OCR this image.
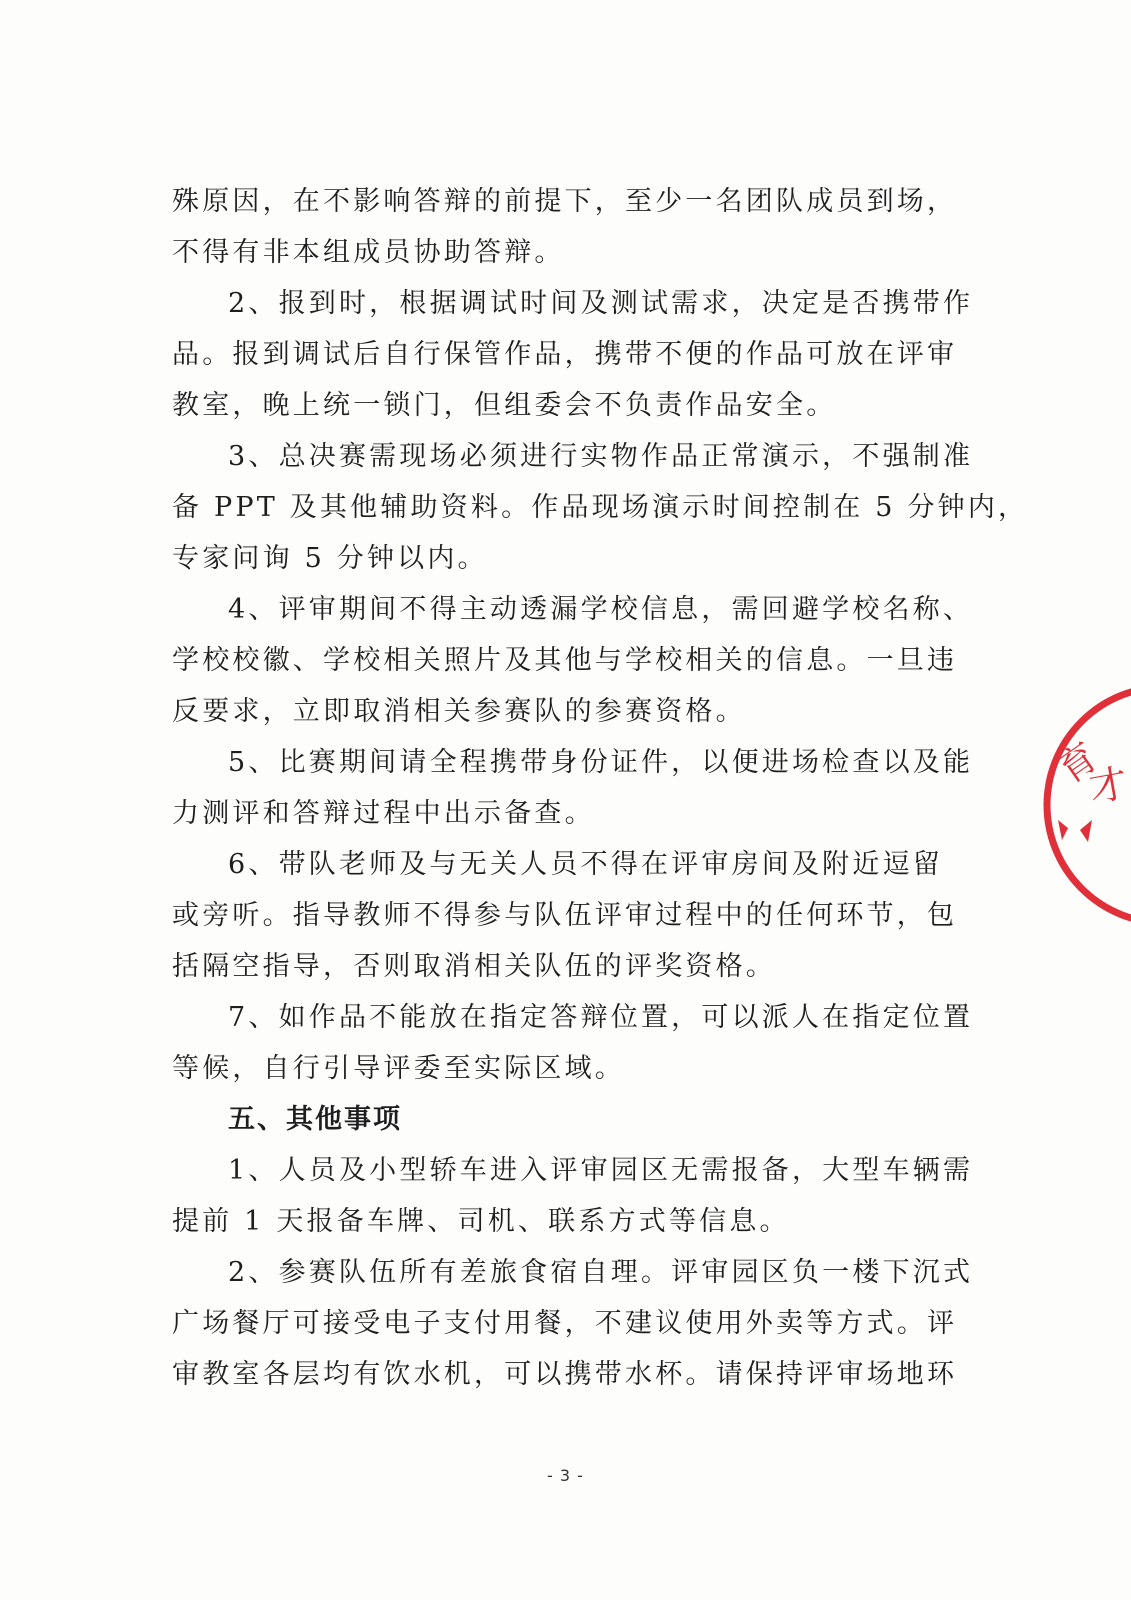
殊原因，在不影响答辩的前提下，至少一名团队成员到场，
不得有非本组成员协助答辩。
2、报到时，根据调试时间及测试需求，决定是否携带作
品。报到调试后自行保管作品，携带不便的作品可放在评审
教室，晚上统一锁门，但组委会不负责作品安全。
3、总决赛需现场必须进行实物作品正常演示，不强制准
备 PPT 及其他辅助资料。作品现场演示时间控制在 5 分钟内，
专家问询 5 分钟以内。
4、评审期间不得主动透漏学校信息，需回避学校名称、
学校校徽、学校相关照片及其他与学校相关的信息。一旦违
反要求，立即取消相关参赛队的参赛资格。
5、比赛期间请全程携带身份证件，以便进场检查以及能
力测评和答辩过程中出示备查。
6、带队老师及与无关人员不得在评审房间及附近逗留
或旁听。指导教师不得参与队伍评审过程中的任何环节，包
括隔空指导，否则取消相关队伍的评奖资格。
7、如作品不能放在指定答辩位置，可以派人在指定位置
等候，自行引导评委至实际区域。
五、其他事项
1、人员及小型轿车进入评审园区无需报备，大型车辆需
提前 1 天报备车牌、司机、联系方式等信息。
2、参赛队伍所有差旅食宿自理。评审园区负一楼下沉式
广场餐厅可接受电子支付用餐，不建议使用外卖等方式。评
审教室各层均有饮水机，可以携带水杯。请保持评审场地环
育
才
- 3 -
